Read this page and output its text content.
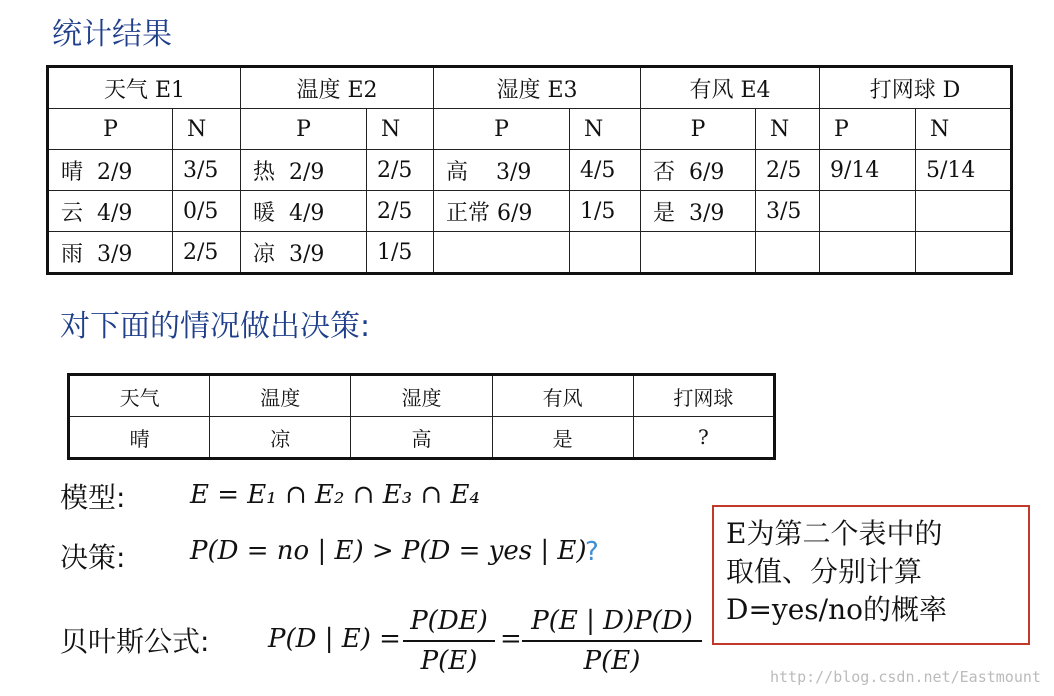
统计结果
天气 E1		温度 E2		湿度 E3		有风 E4		打网球 D	
P	N	P	N	P	N	P	N	P	N
晴  2/9	3/5	热  2/9	2/5	高    3/9	4/5	否  6/9	2/5	9/14	5/14
云  4/9	0/5	暖  4/9	2/5	正常 6/9	1/5	是  3/9	3/5		
雨  3/9	2/5	凉  3/9	1/5						
对下面的情况做出决策:
天气	温度	湿度	有风	打网球
晴	凉	高	是	?
模型: E = E₁ ∩ E₂ ∩ E₃ ∩ E₄
决策: P(D = no | E) > P(D = yes | E)
?
贝叶斯公式: P(D | $E) = \frac{P(DE)}{P(E)} = \frac{P(E | D)P(D)}{P(E)}$
E为第二个表中的
取值、分别计算
D=yes/no的概率
http://blog.csdn.net/Eastmount
